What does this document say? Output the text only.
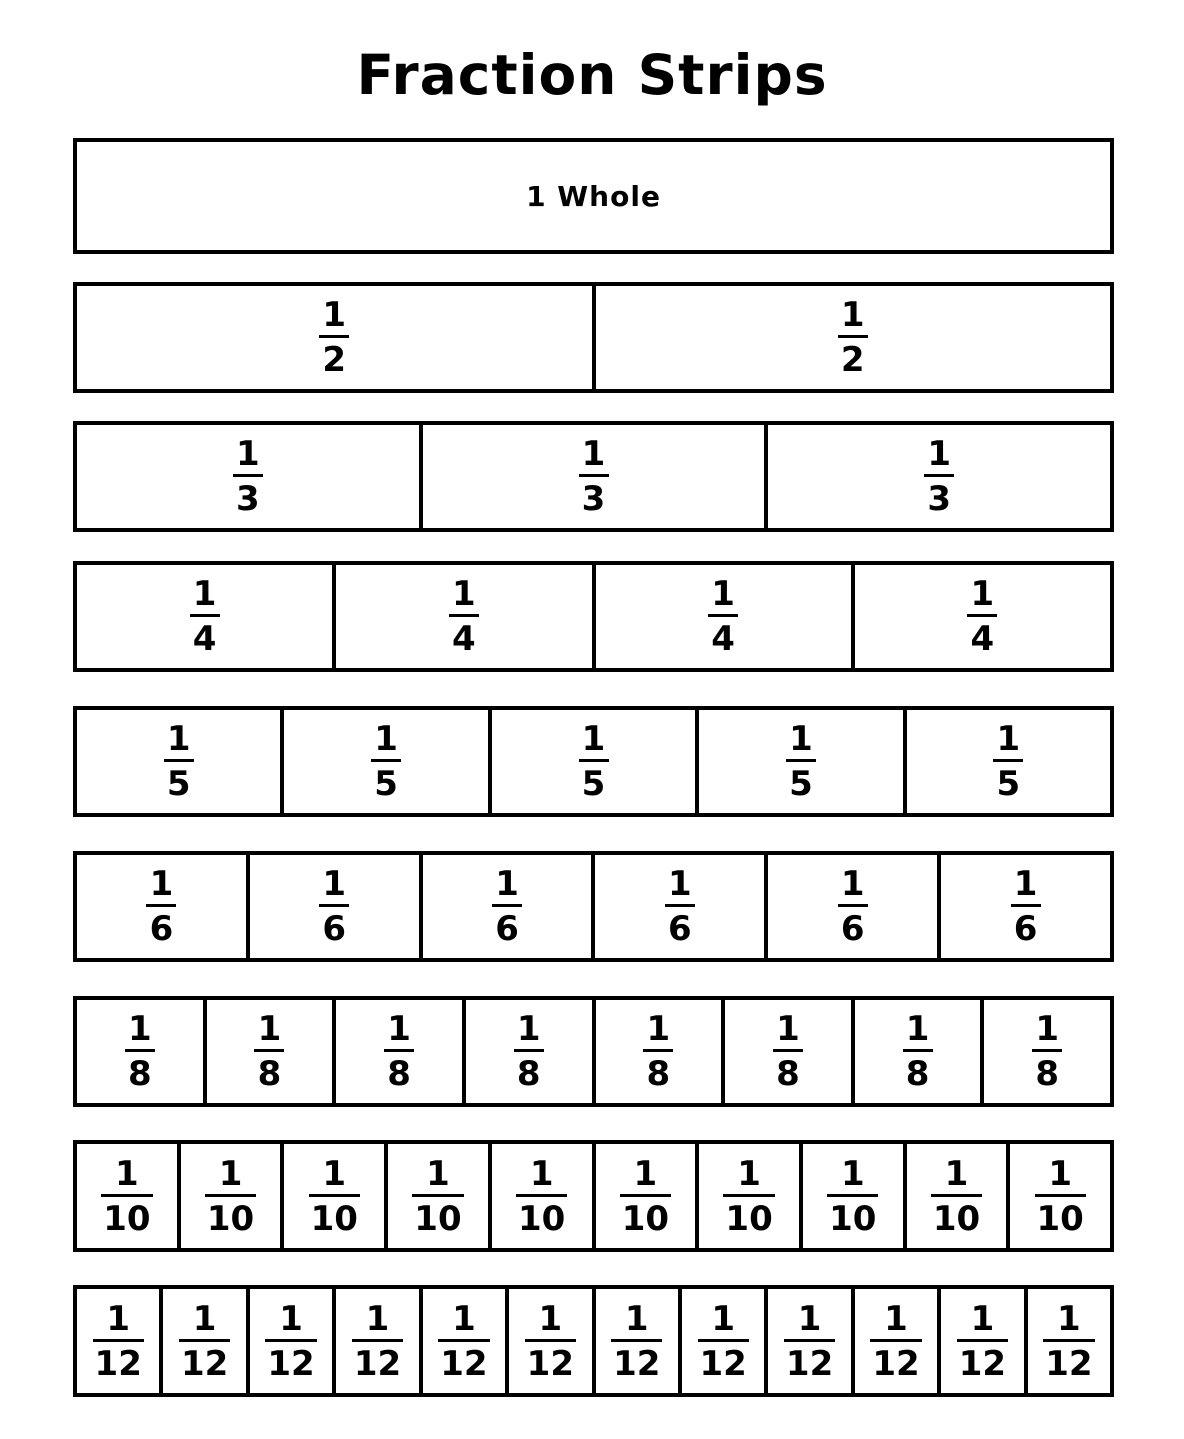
Fraction Strips
1 Whole
$\frac{1}{2}$	$\frac{1}{2}$
$\frac{1}{3}$	$\frac{1}{3}$	$\frac{1}{3}$
$\frac{1}{4}$	$\frac{1}{4}$	$\frac{1}{4}$	$\frac{1}{4}$
$\frac{1}{5}$	$\frac{1}{5}$	$\frac{1}{5}$	$\frac{1}{5}$	$\frac{1}{5}$
$\frac{1}{6}$	$\frac{1}{6}$	$\frac{1}{6}$	$\frac{1}{6}$	$\frac{1}{6}$	$\frac{1}{6}$
$\frac{1}{8}$	$\frac{1}{8}$	$\frac{1}{8}$	$\frac{1}{8}$	$\frac{1}{8}$	$\frac{1}{8}$	$\frac{1}{8}$	$\frac{1}{8}$
$\frac{1}{10} \frac{1}{10} \frac{1}{10} \frac{1}{10} \frac{1}{10} \frac{1}{10} \frac{1}{10} \frac{1}{10} \frac{1}{10} \frac{1}{10}$
$\frac{1}{12} \frac{1}{12} \frac{1}{12} \frac{1}{12} \frac{1}{12} \frac{1}{12} \frac{1}{12} \frac{1}{12} \frac{1}{12} \frac{1}{12} \frac{1}{12} \frac{1}{12}$
